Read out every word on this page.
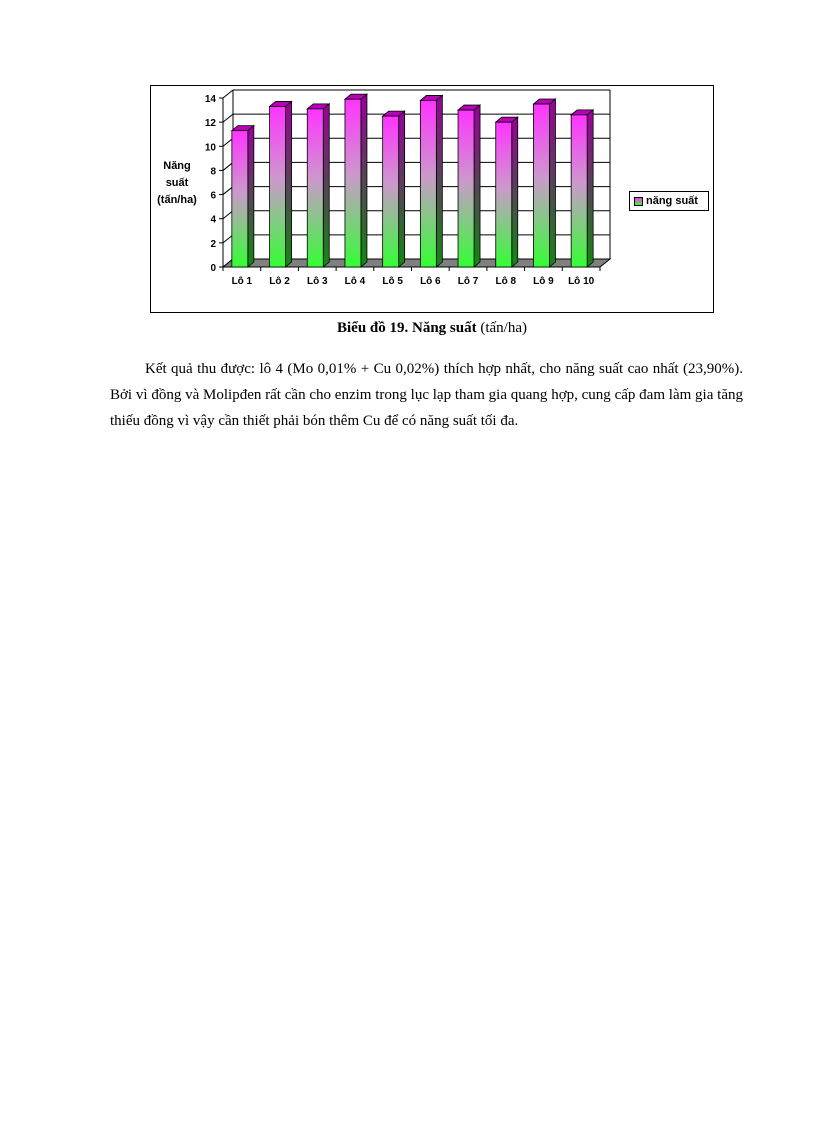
0
2
4
6
8
10
12
14
Lô 1 Lô 2 Lô 3 Lô 4 Lô 5 Lô 6 Lô 7 Lô 8 Lô 9 Lô 10
Năng
suất
(tấn/ha)	năng suất
Biểu đồ 19. Năng suất (tấn/ha)

Kết quả thu được: lô 4 (Mo 0,01% + Cu 0,02%) thích hợp nhất, cho năng suất cao nhất (23,90%). Bởi vì đồng và Molipđen rất cần cho enzim trong lục lạp tham gia quang hợp, cung cấp đam làm gia tăng thiếu đồng vì vậy cần thiết phải bón thêm Cu để có năng suất tối đa.
